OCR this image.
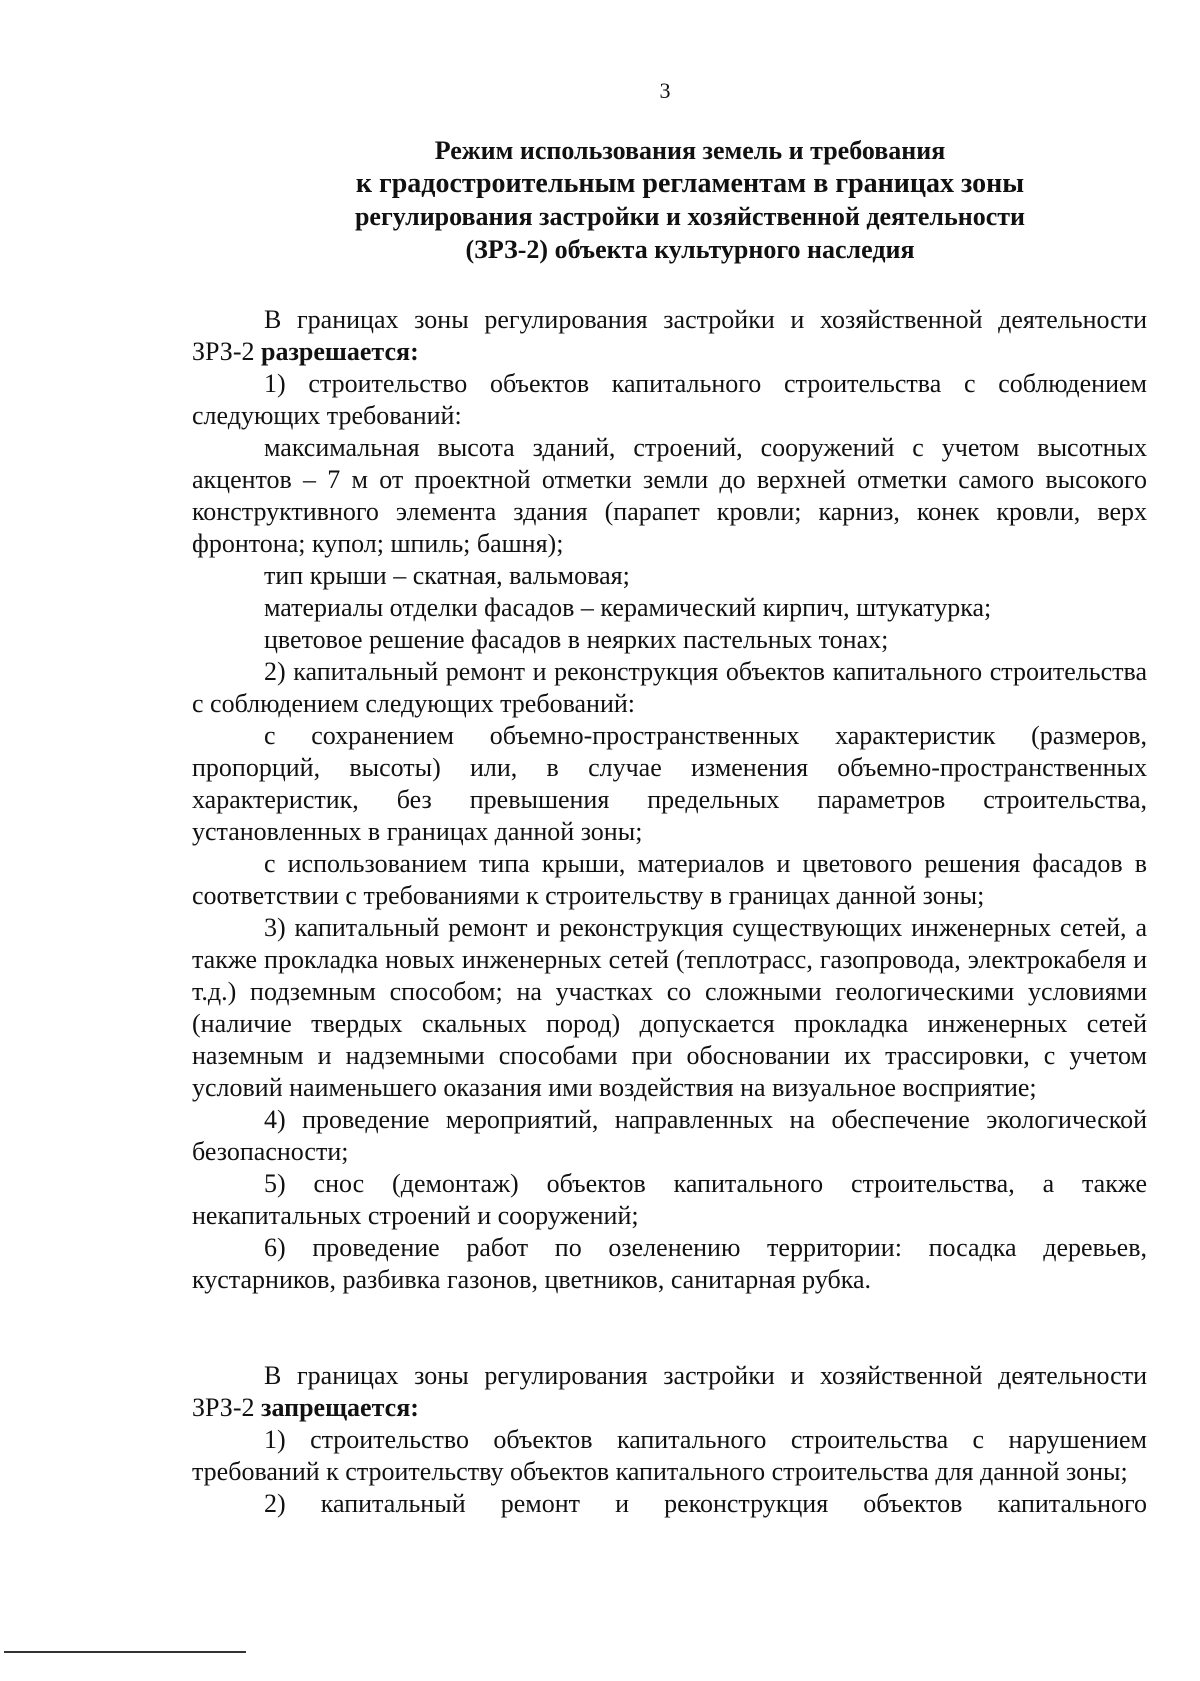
3
Режим использования земель и требования
к градостроительным регламентам в границах зоны
регулирования застройки и хозяйственной деятельности
(ЗРЗ-2) объекта культурного наследия

В границах зоны регулирования застройки и хозяйственной деятельности ЗРЗ-2 разрешается:

1) строительство объектов капитального строительства с соблюдением следующих требований:

максимальная высота зданий, строений, сооружений с учетом высотных акцентов – 7 м от проектной отметки земли до верхней отметки самого высокого конструктивного элемента здания (парапет кровли; карниз, конек кровли, верх фронтона; купол; шпиль; башня);

тип крыши – скатная, вальмовая;

материалы отделки фасадов – керамический кирпич, штукатурка;

цветовое решение фасадов в неярких пастельных тонах;

2) капитальный ремонт и реконструкция объектов капитального строительства с соблюдением следующих требований:

с сохранением объемно-пространственных характеристик (размеров, пропорций, высоты) или, в случае изменения объемно-пространственных характеристик, без превышения предельных параметров строительства, установленных в границах данной зоны;

с использованием типа крыши, материалов и цветового решения фасадов в соответствии с требованиями к строительству в границах данной зоны;

3) капитальный ремонт и реконструкция существующих инженерных сетей, а также прокладка новых инженерных сетей (теплотрасс, газопровода, электрокабеля и т.д.) подземным способом; на участках со сложными геологическими условиями (наличие твердых скальных пород) допускается прокладка инженерных сетей наземным и надземными способами при обосновании их трассировки, с учетом условий наименьшего оказания ими воздействия на визуальное восприятие;

4) проведение мероприятий, направленных на обеспечение экологической безопасности;

5) снос (демонтаж) объектов капитального строительства, а также некапитальных строений и сооружений;

6) проведение работ по озеленению территории: посадка деревьев, кустарников, разбивка газонов, цветников, санитарная рубка.

В границах зоны регулирования застройки и хозяйственной деятельности ЗРЗ-2 запрещается:

1) строительство объектов капитального строительства с нарушением требований к строительству объектов капитального строительства для данной зоны;

2) капитальный ремонт и реконструкция объектов капитального
